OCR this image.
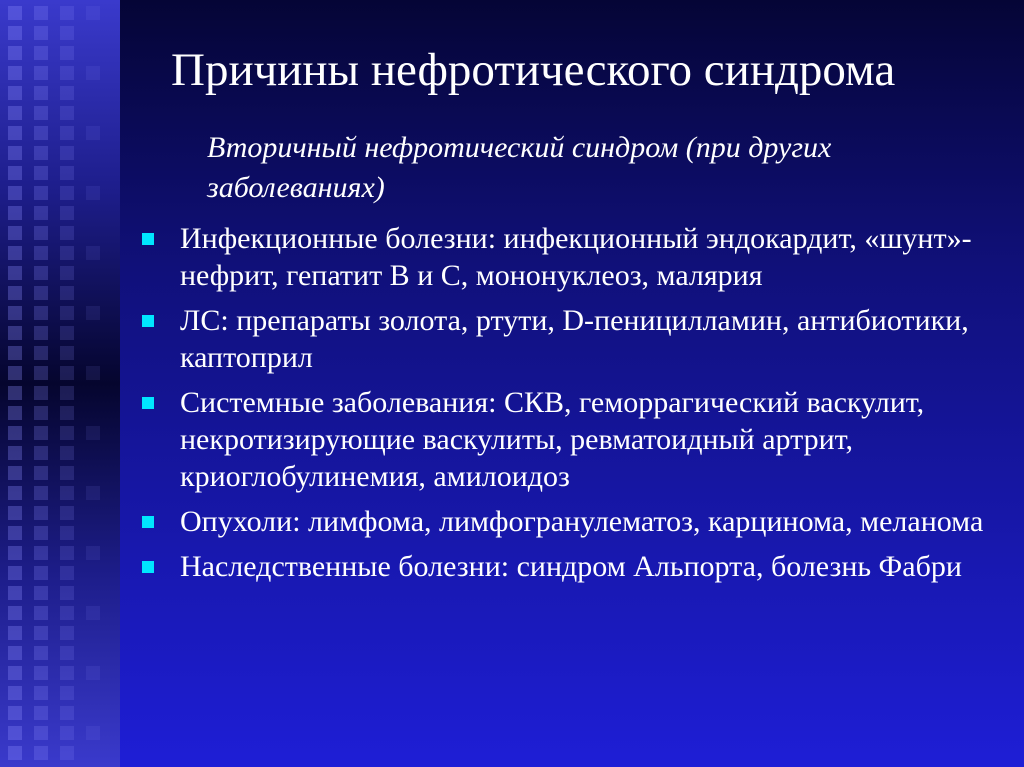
Причины нефротического синдрома
Вторичный нефротический синдром (при других заболеваниях)
Инфекционные болезни: инфекционный эндокардит, «шунт»-нефрит, гепатит В и С, мононуклеоз, малярия
ЛС: препараты золота, ртути, D-пеницилламин, антибиотики, каптоприл
Системные заболевания: СКВ, геморрагический васкулит, некротизирующие васкулиты, ревматоидный артрит, криоглобулинемия, амилоидоз
Опухоли: лимфома, лимфогранулематоз, карцинома, меланома
Наследственные болезни: синдром Альпорта, болезнь Фабри
